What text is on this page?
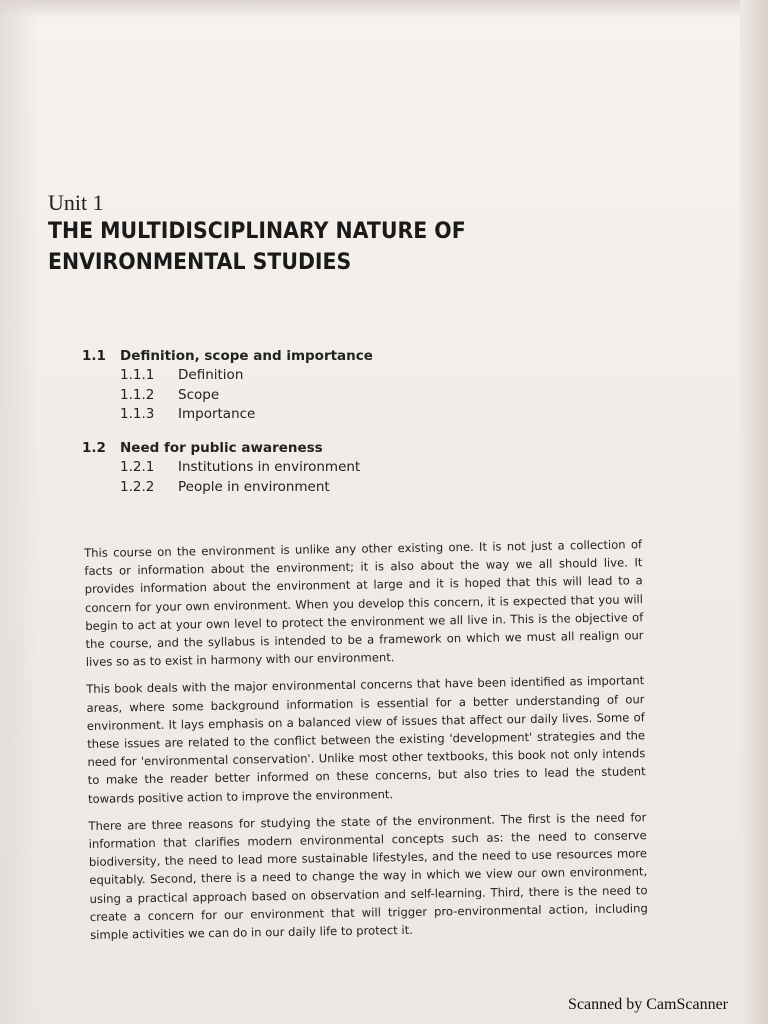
Unit 1
THE MULTIDISCIPLINARY NATURE OF
ENVIRONMENTAL STUDIES
1.1	Definition, scope and importance
1.1.1	Definition
1.1.2	Scope
1.1.3	Importance
1.2	Need for public awareness
1.2.1	Institutions in environment
1.2.2	People in environment

This course on the environment is unlike any other existing one. It is not just a collection of facts or information about the environment; it is also about the way we all should live. It provides information about the environment at large and it is hoped that this will lead to a concern for your own environment. When you develop this concern, it is expected that you will begin to act at your own level to protect the environment we all live in. This is the objective of the course, and the syllabus is intended to be a framework on which we must all realign our lives so as to exist in harmony with our environment.

This book deals with the major environmental concerns that have been identified as important areas, where some background information is essential for a better understanding of our environment. It lays emphasis on a balanced view of issues that affect our daily lives. Some of these issues are related to the conflict between the existing 'development' strategies and the need for 'environmental conservation'. Unlike most other textbooks, this book not only intends to make the reader better informed on these concerns, but also tries to lead the student towards positive action to improve the environment.

There are three reasons for studying the state of the environment. The first is the need for information that clarifies modern environmental concepts such as: the need to conserve biodiversity, the need to lead more sustainable lifestyles, and the need to use resources more equitably. Second, there is a need to change the way in which we view our own environment, using a practical approach based on observation and self-learning. Third, there is the need to create a concern for our environment that will trigger pro-environmental action, including simple activities we can do in our daily life to protect it.

Scanned by CamScanner
